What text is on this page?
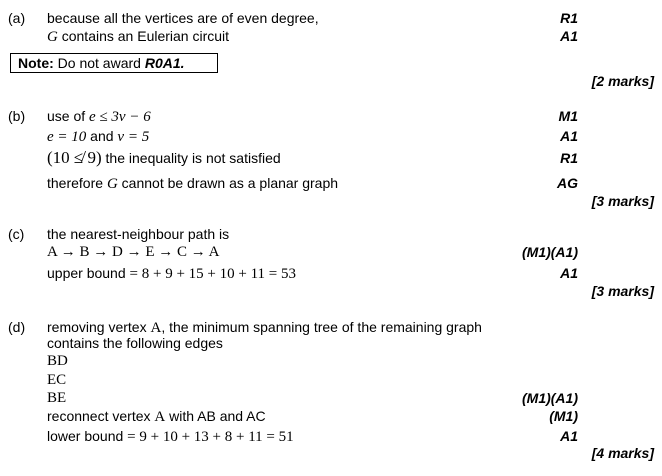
(a) because all the vertices are of even degree,
G contains an Eulerian circuit
R1
A1
Note: Do not award R0A1.
[2 marks]
(b) use of e ≤ 3v − 6
e = 10 and v = 5
(10 ≰ 9) the inequality is not satisfied
therefore G cannot be drawn as a planar graph
M1
A1
R1
AG
[3 marks]
(c) the nearest-neighbour path is
A → B → D → E → C → A
upper bound = 8 + 9 + 15 + 10 + 11 = 53
(M1)(A1)
A1
[3 marks]
(d) removing vertex A, the minimum spanning tree of the remaining graph
contains the following edges
BD
EC
BE
reconnect vertex A with AB and AC
lower bound = 9 + 10 + 13 + 8 + 11 = 51
(M1)(A1)
(M1)
A1
[4 marks]
